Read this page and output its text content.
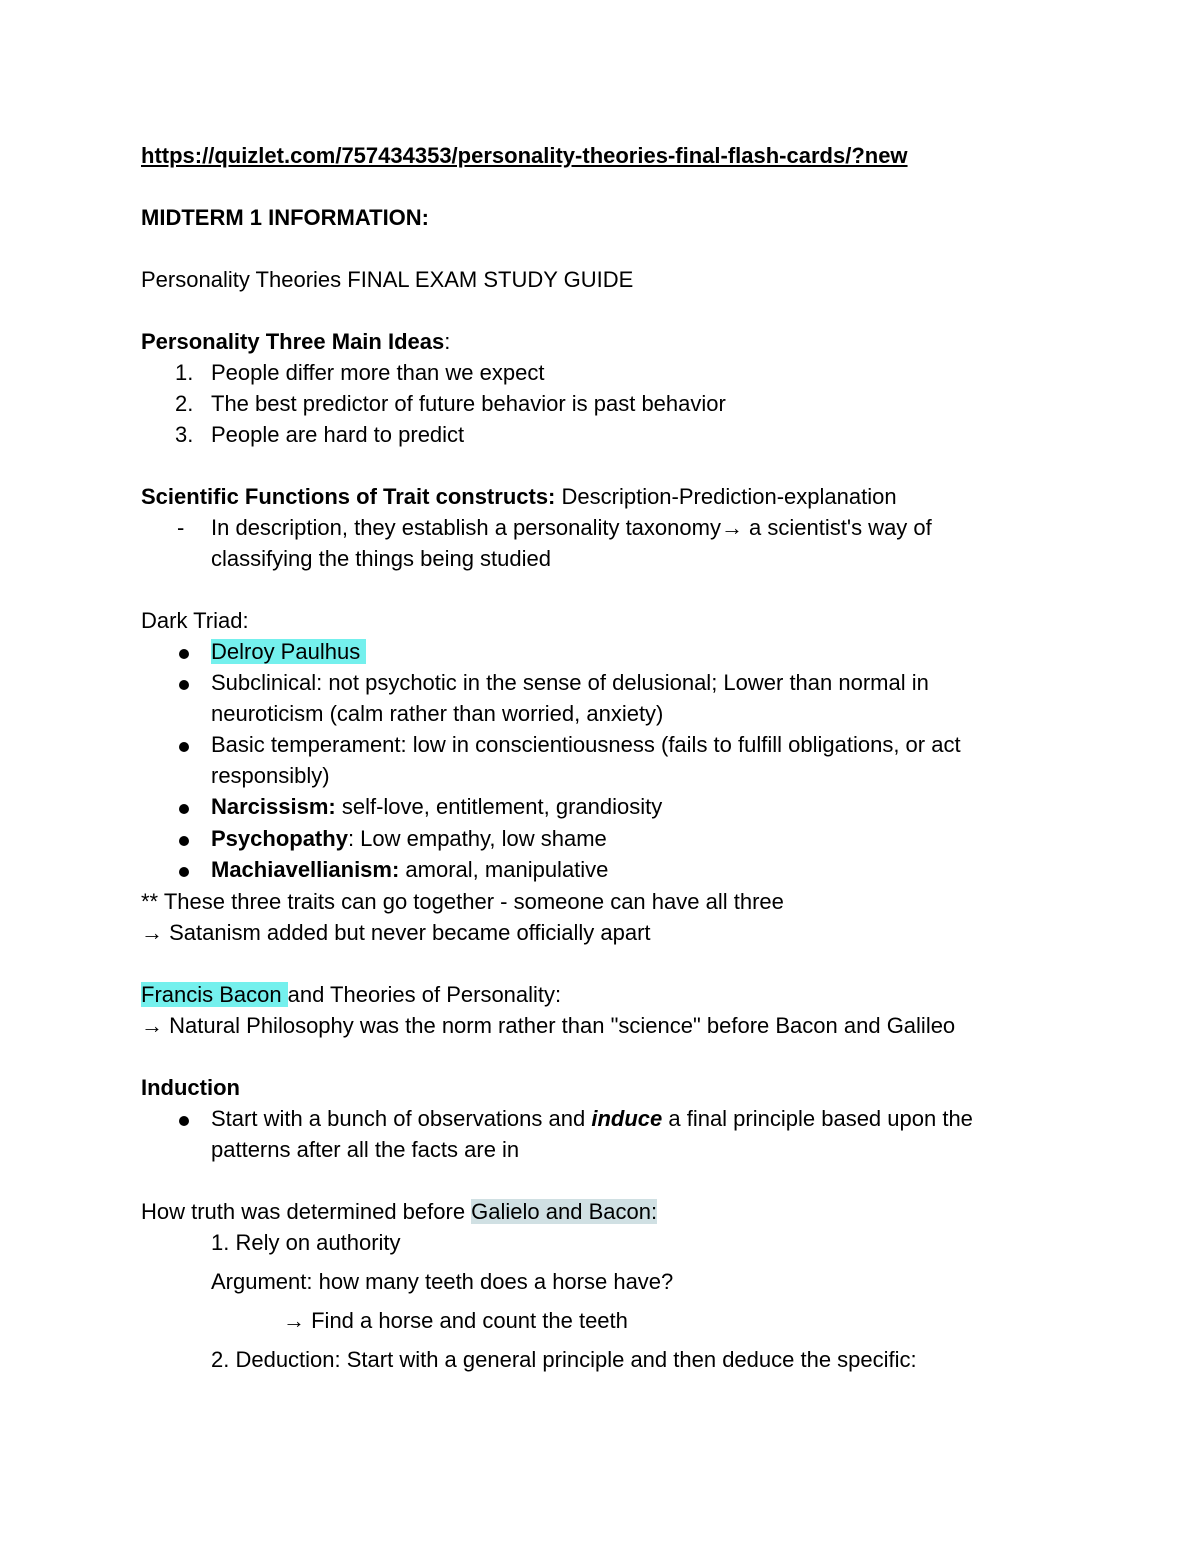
https://quizlet.com/757434353/personality-theories-final-flash-cards/?new
MIDTERM 1 INFORMATION:
Personality Theories FINAL EXAM STUDY GUIDE
Personality Three Main Ideas:
1. People differ more than we expect
2. The best predictor of future behavior is past behavior
3. People are hard to predict
Scientific Functions of Trait constructs: Description-Prediction-explanation
- In description, they establish a personality taxonomy→ a scientist's way of
classifying the things being studied
Dark Triad:
Delroy Paulhus
Subclinical: not psychotic in the sense of delusional; Lower than normal in
neuroticism (calm rather than worried, anxiety)
Basic temperament: low in conscientiousness (fails to fulfill obligations, or act
responsibly)
Narcissism: self-love, entitlement, grandiosity
Psychopathy: Low empathy, low shame
Machiavellianism: amoral, manipulative
** These three traits can go together - someone can have all three
→ Satanism added but never became officially apart
Francis Bacon and Theories of Personality:
→ Natural Philosophy was the norm rather than "science" before Bacon and Galileo
Induction
Start with a bunch of observations and induce a final principle based upon the
patterns after all the facts are in
How truth was determined before Galielo and Bacon:
1. Rely on authority
Argument: how many teeth does a horse have?
→ Find a horse and count the teeth
2. Deduction: Start with a general principle and then deduce the specific:
